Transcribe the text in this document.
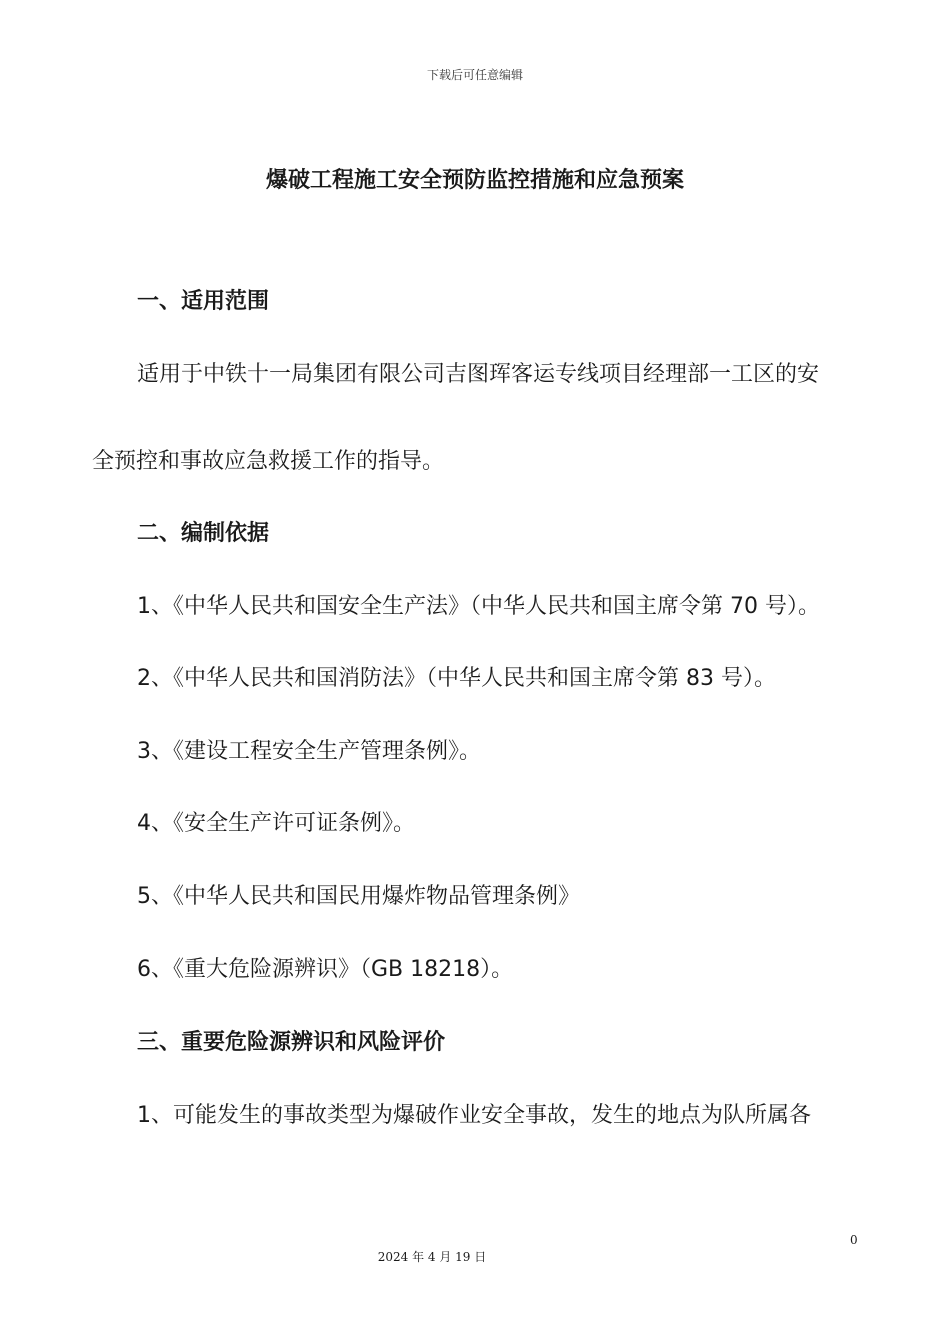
下载后可任意编辑
爆破工程施工安全预防监控措施和应急预案
一、适用范围
适用于中铁十一局集团有限公司吉图珲客运专线项目经理部一工区的安
全预控和事故应急救援工作的指导。
二、编制依据
1、《中华人民共和国安全生产法》（中华人民共和国主席令第 70 号）。
2、《中华人民共和国消防法》（中华人民共和国主席令第 83 号）。
3、《建设工程安全生产管理条例》。
4、《安全生产许可证条例》。
5、《中华人民共和国民用爆炸物品管理条例》
6、《重大危险源辨识》（GB 18218）。
三、重要危险源辨识和风险评价
1、可能发生的事故类型为爆破作业安全事故，发生的地点为队所属各
0
2024 年 4 月 19 日
